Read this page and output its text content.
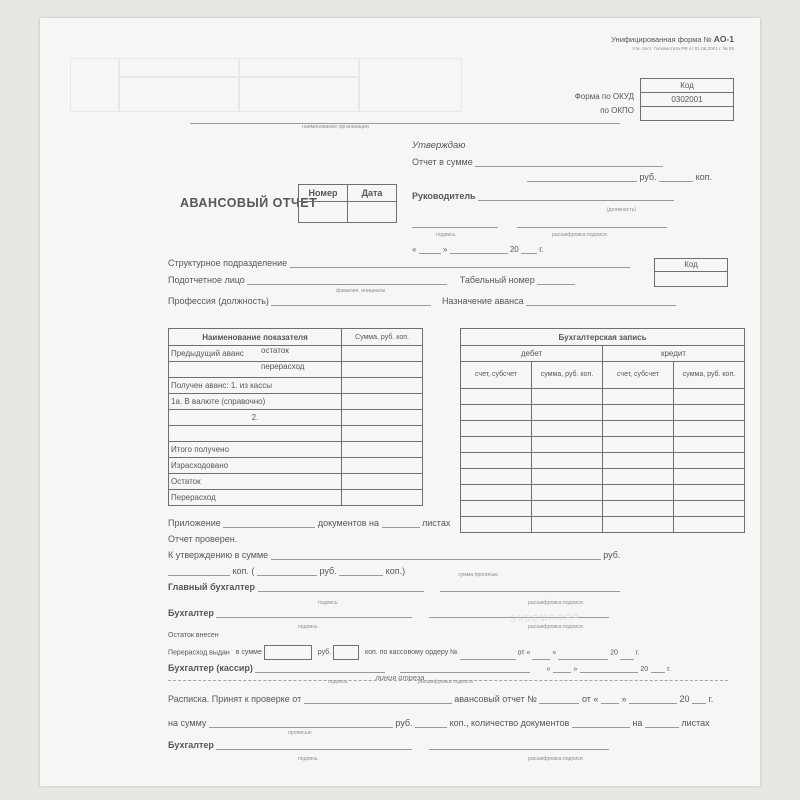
Унифицированная форма № АО-1
Утв. пост. Госкомстата РФ от 01.08.2001 г. № 55
Код
0302001
Форма по ОКУД
по ОКПО
наименование организации
Утверждаю
Отчет в сумме
руб.	коп.
Руководитель
(должность)

подпись	расшифровка подписи
«	»	20	г.
АВАНСОВЫЙ ОТЧЕТ
Номер	Дата

Код
Структурное подразделение
Подотчетное лицо	Табельный номер
фамилия, инициалы
Профессия (должность)	Назначение аванса
Наименование показателя	Сумма, руб. коп.
Предыдущий аванс остаток	

перерасход	

Получен аванс: 1. из кассы	
1а. В валюте (справочно)	
2.	

Итого получено	
Израсходовано	
Остаток	
Перерасход	
Бухгалтерская запись			
дебет		кредит	
счет, субсчет	сумма, руб. коп.	счет, субсчет	сумма, руб. коп.

Приложение	документов на	листах
Отчет проверен.
К утверждению в сумме	руб.
коп. (	руб.	коп.)	сумма прописью
Главный бухгалтер
подпись	расшифровка подписи
Бухгалтер
подпись	расшифровка подписи
Остаток внесен
Перерасход выдан в сумме	руб.	коп. по кассовому ордеру №	от «	»	20	г.
Бухгалтер (кассир)	«	»	20	г.
подпись	расшифровка подписи
линия отреза
Расписка. Принят к проверке от	авансовый отчет №	от «	»	20 г.
на сумму	руб.	коп., количество документов	на	листах
прописью
Бухгалтер
подпись	расшифровка подписи
ЭКЗЕМПЛЯР
